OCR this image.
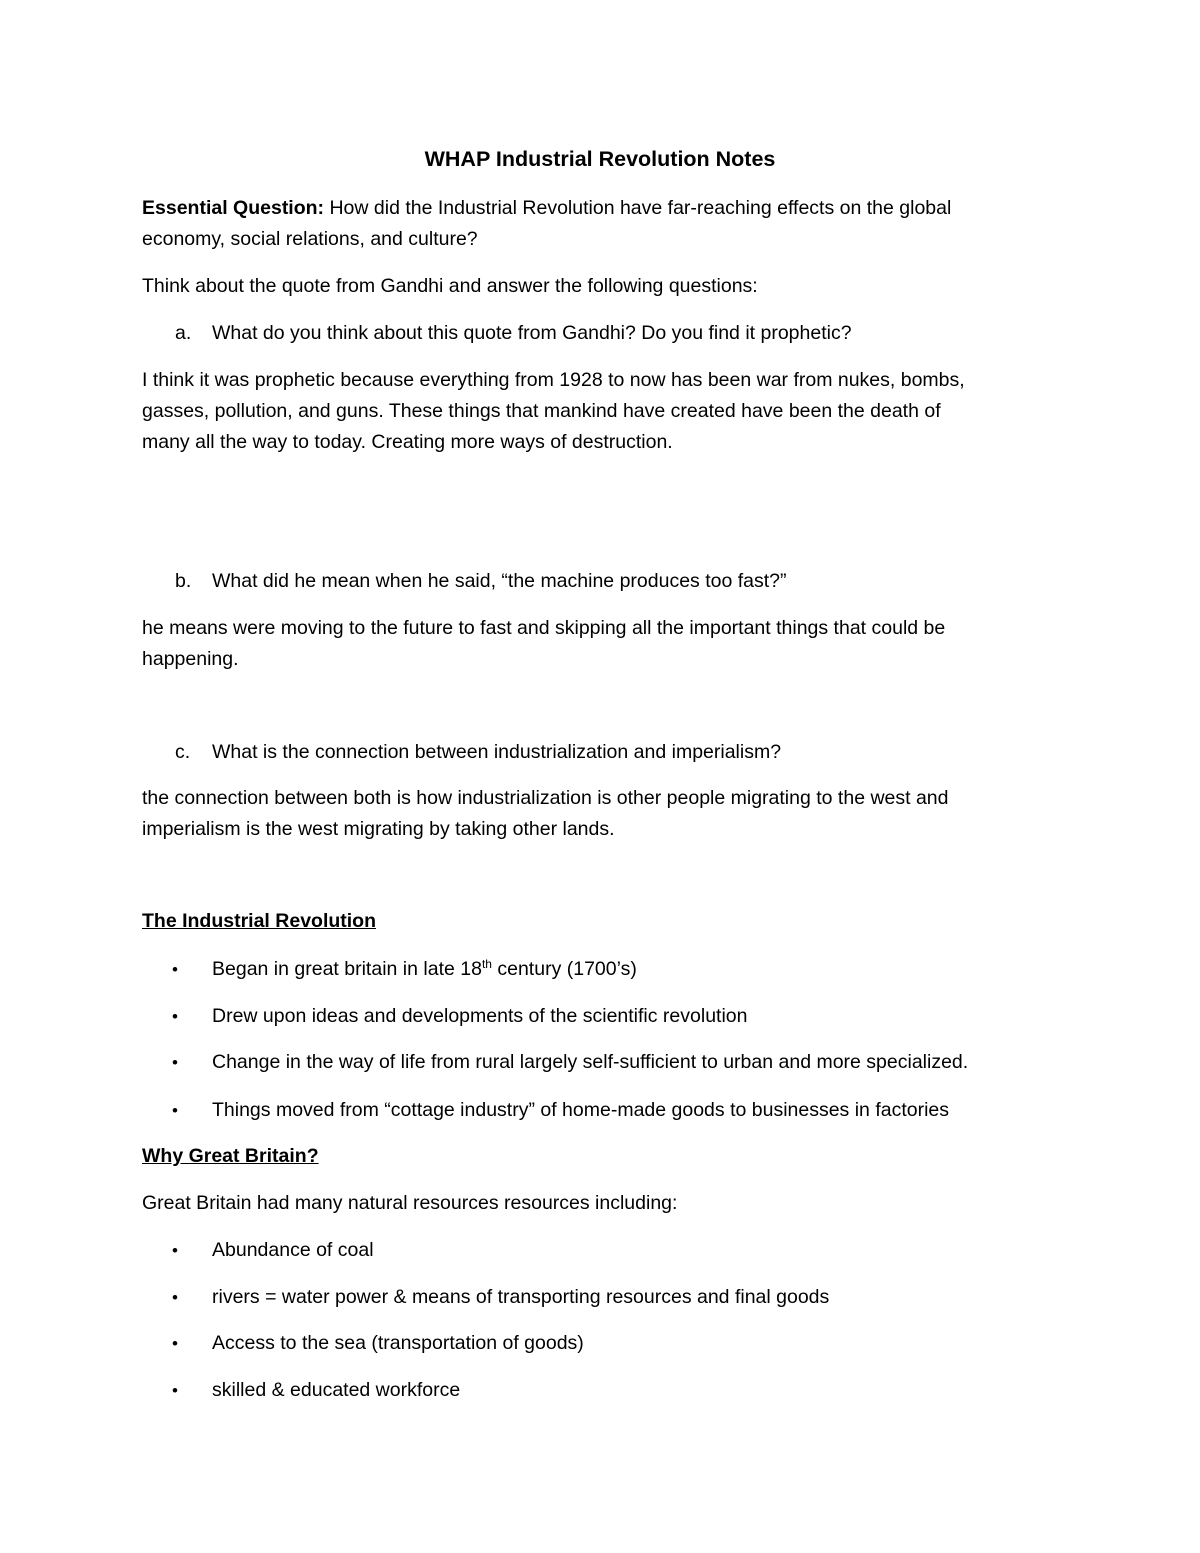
WHAP Industrial Revolution Notes
Essential Question: How did the Industrial Revolution have far-reaching effects on the global
economy, social relations, and culture?
Think about the quote from Gandhi and answer the following questions:
a. What do you think about this quote from Gandhi? Do you find it prophetic?
I think it was prophetic because everything from 1928 to now has been war from nukes, bombs,
gasses, pollution, and guns. These things that mankind have created have been the death of
many all the way to today. Creating more ways of destruction.
b. What did he mean when he said, “the machine produces too fast?”
he means were moving to the future to fast and skipping all the important things that could be
happening.
c. What is the connection between industrialization and imperialism?
the connection between both is how industrialization is other people migrating to the west and
imperialism is the west migrating by taking other lands.
The Industrial Revolution
• Began in great britain in late 18th century (1700’s)
• Drew upon ideas and developments of the scientific revolution
• Change in the way of life from rural largely self-sufficient to urban and more specialized.
• Things moved from “cottage industry” of home-made goods to businesses in factories
Why Great Britain?
Great Britain had many natural resources resources including:
• Abundance of coal
• rivers = water power & means of transporting resources and final goods
• Access to the sea (transportation of goods)
• skilled & educated workforce
